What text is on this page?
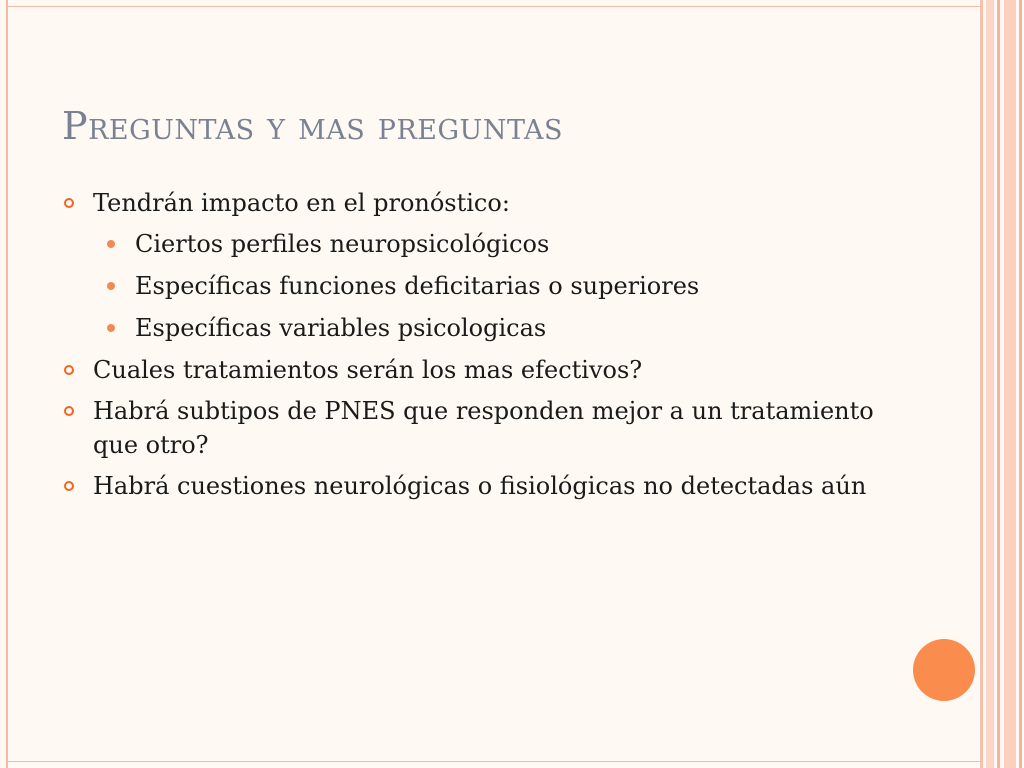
Preguntas y mas preguntas
Tendrán impacto en el pronóstico:
Ciertos perfiles neuropsicológicos
Específicas funciones deficitarias o superiores
Específicas variables psicologicas
Cuales tratamientos serán los mas efectivos?
Habrá subtipos de PNES que responden mejor a un tratamiento que otro?
Habrá cuestiones neurológicas o fisiológicas no detectadas aún
